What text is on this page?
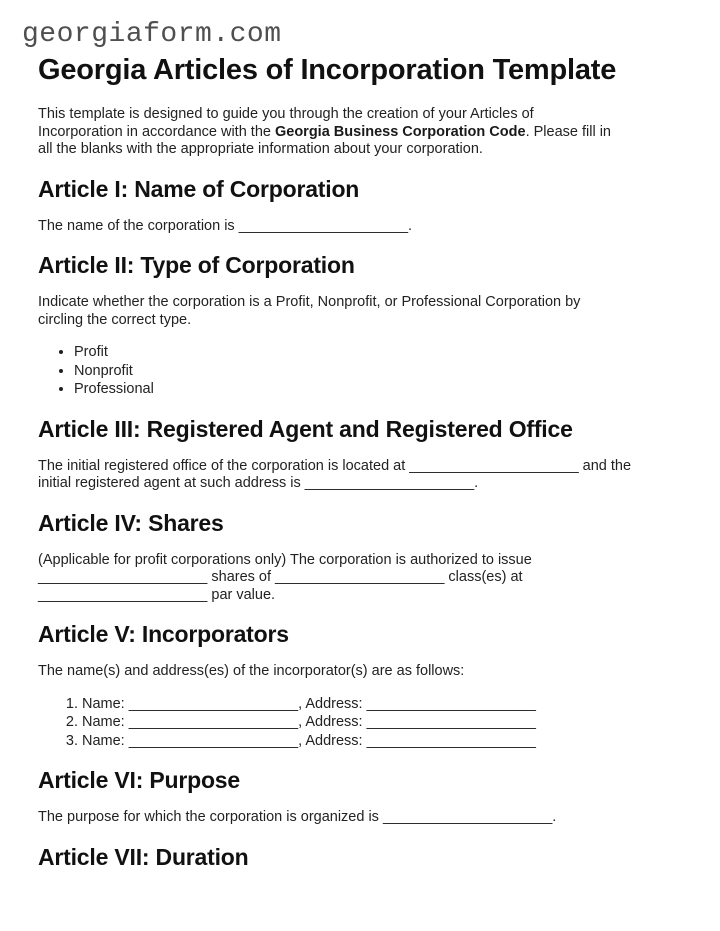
georgiaform.com
Georgia Articles of Incorporation Template

This template is designed to guide you through the creation of your Articles of
Incorporation in accordance with the Georgia Business Corporation Code. Please fill in
all the blanks with the appropriate information about your corporation.

Article I: Name of Corporation

The name of the corporation is _____________________.

Article II: Type of Corporation

Indicate whether the corporation is a Profit, Nonprofit, or Professional Corporation by
circling the correct type.

• Profit
• Nonprofit
• Professional
Article III: Registered Agent and Registered Office

The initial registered office of the corporation is located at _____________________ and the
initial registered agent at such address is _____________________.

Article IV: Shares

(Applicable for profit corporations only) The corporation is authorized to issue
_____________________ shares of _____________________ class(es) at
_____________________ par value.

Article V: Incorporators

The name(s) and address(es) of the incorporator(s) are as follows:

1. Name: _____________________, Address: _____________________
2. Name: _____________________, Address: _____________________
3. Name: _____________________, Address: _____________________
Article VI: Purpose

The purpose for which the corporation is organized is _____________________.

Article VII: Duration
